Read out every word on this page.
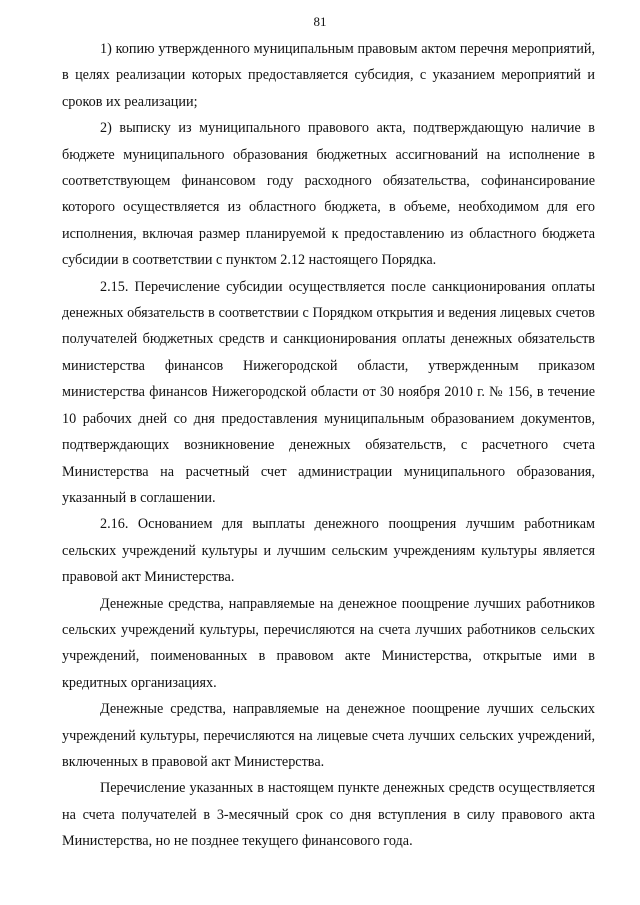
81

1) копию утвержденного муниципальным правовым актом перечня мероприятий, в целях реализации которых предоставляется субсидия, с указанием мероприятий и сроков их реализации;

2) выписку из муниципального правового акта, подтверждающую наличие в бюджете муниципального образования бюджетных ассигнований на исполнение в соответствующем финансовом году расходного обязательства, софинансирование которого осуществляется из областного бюджета, в объеме, необходимом для его исполнения, включая размер планируемой к предоставлению из областного бюджета субсидии в соответствии с пунктом 2.12 настоящего Порядка.

2.15. Перечисление субсидии осуществляется после санкционирования оплаты денежных обязательств в соответствии с Порядком открытия и ведения лицевых счетов получателей бюджетных средств и санкционирования оплаты денежных обязательств министерства финансов Нижегородской области, утвержденным приказом министерства финансов Нижегородской области от 30 ноября 2010 г. № 156, в течение 10 рабочих дней со дня предоставления муниципальным образованием документов, подтверждающих возникновение денежных обязательств, с расчетного счета Министерства на расчетный счет администрации муниципального образования, указанный в соглашении.

2.16. Основанием для выплаты денежного поощрения лучшим работникам сельских учреждений культуры и лучшим сельским учреждениям культуры является правовой акт Министерства.

Денежные средства, направляемые на денежное поощрение лучших работников сельских учреждений культуры, перечисляются на счета лучших работников сельских учреждений, поименованных в правовом акте Министерства, открытые ими в кредитных организациях.

Денежные средства, направляемые на денежное поощрение лучших сельских учреждений культуры, перечисляются на лицевые счета лучших сельских учреждений, включенных в правовой акт Министерства.

Перечисление указанных в настоящем пункте денежных средств осуществляется на счета получателей в 3-месячный срок со дня вступления в силу правового акта Министерства, но не позднее текущего финансового года.
